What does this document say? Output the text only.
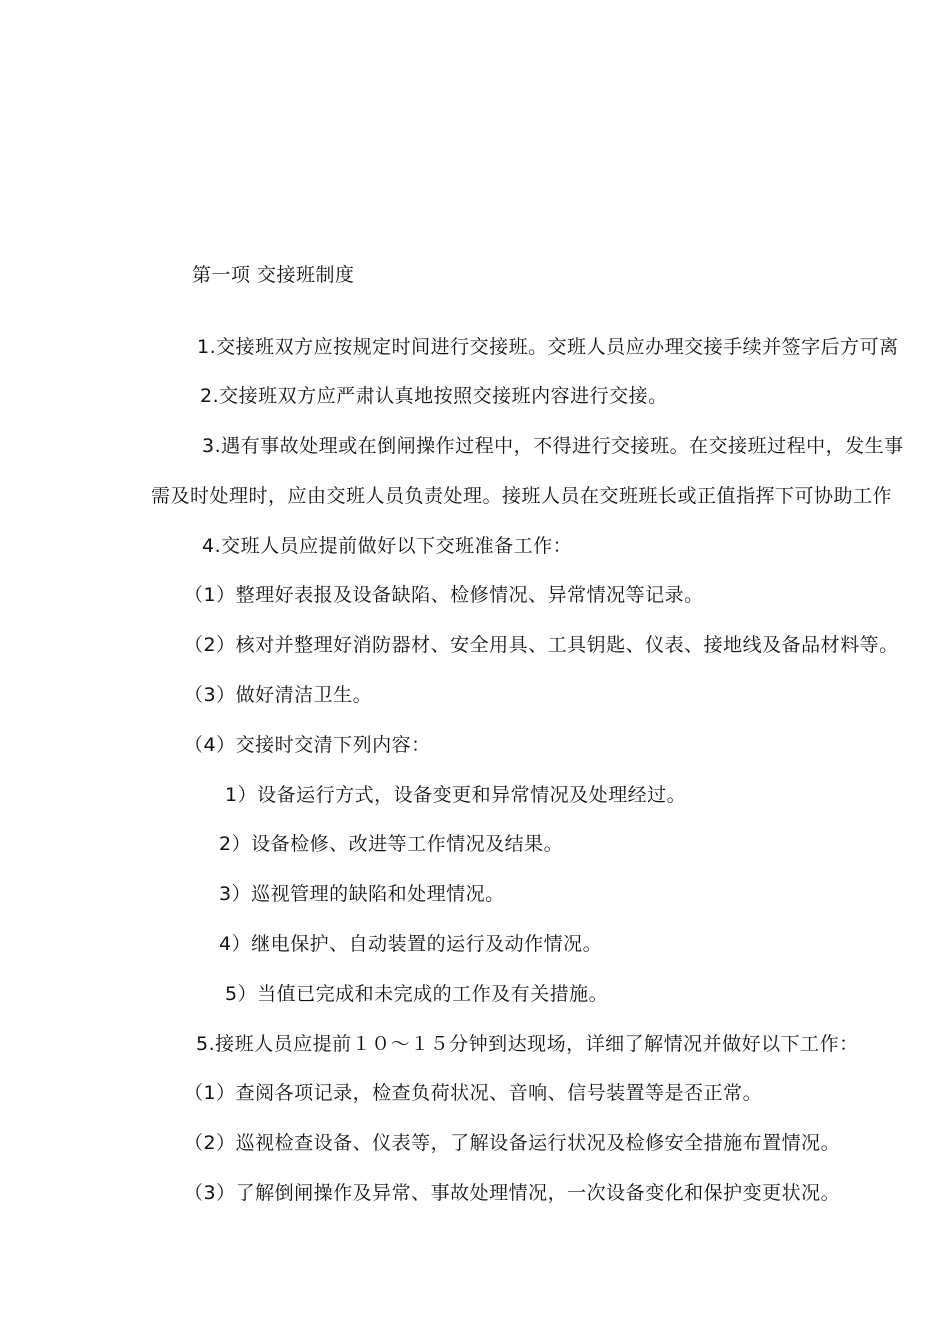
第一项 交接班制度
1.交接班双方应按规定时间进行交接班。交班人员应办理交接手续并签字后方可离
2.交接班双方应严肃认真地按照交接班内容进行交接。
3.遇有事故处理或在倒闸操作过程中，不得进行交接班。在交接班过程中，发生事
需及时处理时，应由交班人员负责处理。接班人员在交班班长或正值指挥下可协助工作
4.交班人员应提前做好以下交班准备工作：
（1）整理好表报及设备缺陷、检修情况、异常情况等记录。
（2）核对并整理好消防器材、安全用具、工具钥匙、仪表、接地线及备品材料等。
（3）做好清洁卫生。
（4）交接时交清下列内容：
1）设备运行方式，设备变更和异常情况及处理经过。
2）设备检修、改进等工作情况及结果。
3）巡视管理的缺陷和处理情况。
4）继电保护、自动装置的运行及动作情况。
5）当值已完成和未完成的工作及有关措施。
5.接班人员应提前１０～１５分钟到达现场，详细了解情况并做好以下工作：
（1）查阅各项记录，检查负荷状况、音响、信号装置等是否正常。
（2）巡视检查设备、仪表等，了解设备运行状况及检修安全措施布置情况。
（3）了解倒闸操作及异常、事故处理情况，一次设备变化和保护变更状况。
